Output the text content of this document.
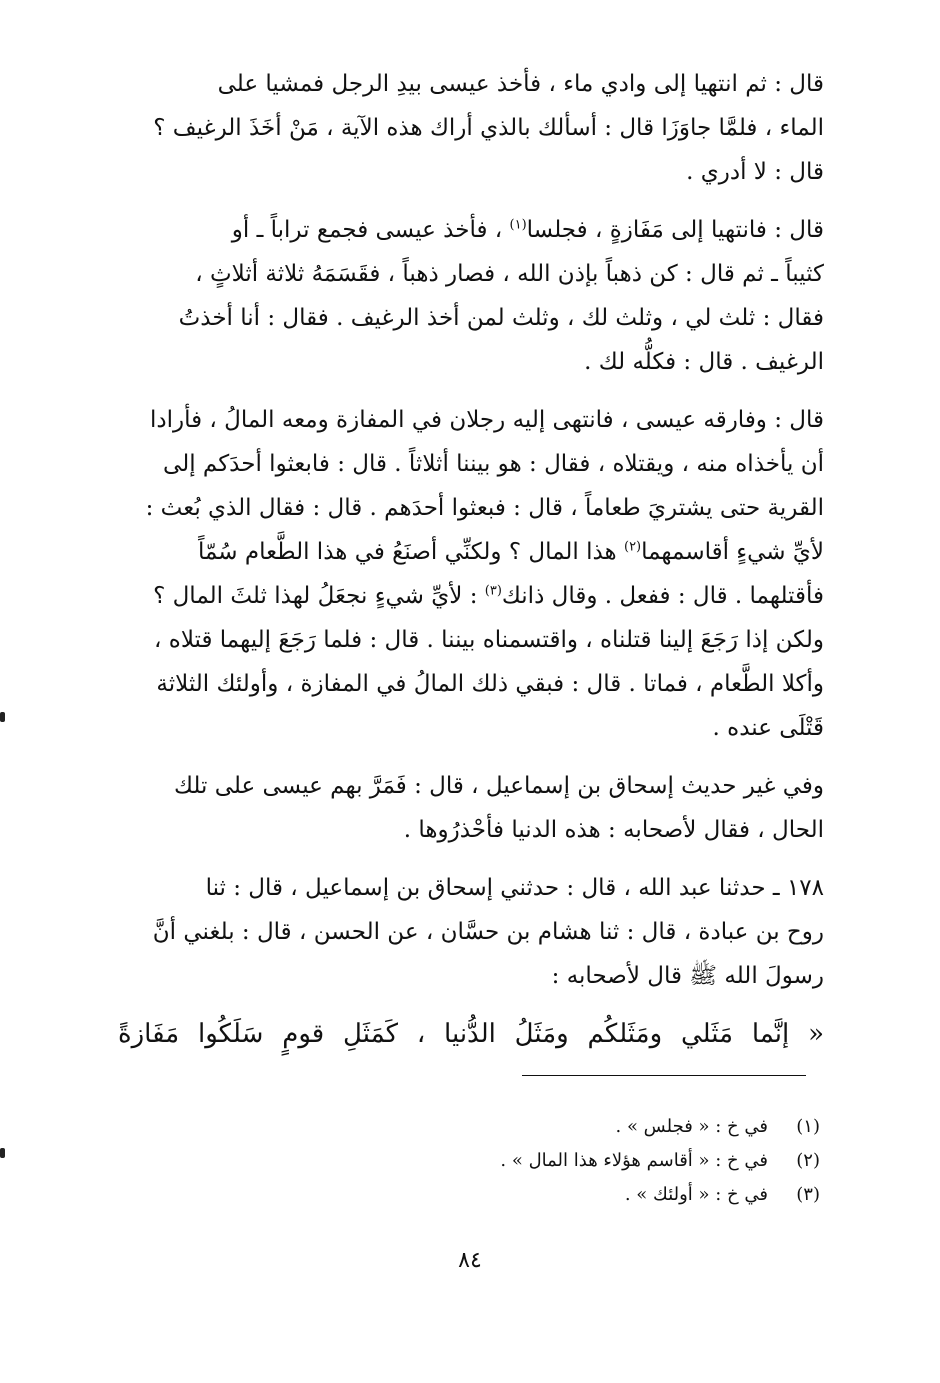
قال : ثم انتهيا إلى وادي ماء ، فأخذ عيسى بيدِ الرجل فمشيا على

الماء ، فلمَّا جاوَزَا قال : أسألك بالذي أراك هذه الآية ، مَنْ أخَذَ الرغيف ؟

قال : لا أدري .

قال : فانتهيا إلى مَفَازةٍ ، فجلسا$^{(١)}$ ، فأخذ عيسى فجمع تراباً ـ أو

كثيباً ـ ثم قال : كن ذهباً بإذن الله ، فصار ذهباً ، فقَسَمَهُ ثلاثة أثلاثٍ ،

فقال : ثلث لي ، وثلث لك ، وثلث لمن أخذ الرغيف . فقال : أنا أخذتُ

الرغيف . قال : فكلُّه لك .

قال : وفارقه عيسى ، فانتهى إليه رجلان في المفازة ومعه المالُ ، فأرادا

أن يأخذاه منه ، ويقتلاه ، فقال : هو بيننا أثلاثاً . قال : فابعثوا أحدَكم إلى

القرية حتى يشتريَ طعاماً ، قال : فبعثوا أحدَهم . قال : فقال الذي بُعث :

لأيِّ شيءٍ أقاسمهما$^{(٢)}$ هذا المال ؟ ولكنِّي أصنَعُ في هذا الطَّعام سُمّاً

فأقتلهما . قال : ففعل . وقال ذانك$^{(٣)}$ : لأيِّ شيءٍ نجعَلُ لهذا ثلثَ المال ؟

ولكن إذا رَجَعَ إلينا قتلناه ، واقتسمناه بيننا . قال : فلما رَجَعَ إليهما قتلاه ،

وأكلا الطَّعام ، فماتا . قال : فبقي ذلك المالُ في المفازة ، وأولئك الثلاثة

قَتْلَى عنده .

وفي غير حديث إسحاق بن إسماعيل ، قال : فَمَرَّ بهم عيسى على تلك

الحال ، فقال لأصحابه : هذه الدنيا فأحْذرُوها .

١٧٨ ـ حدثنا عبد الله ، قال : حدثني إسحاق بن إسماعيل ، قال : ثنا

روح بن عبادة ، قال : ثنا هشام بن حسَّان ، عن الحسن ، قال : بلغني أنَّ

رسولَ الله ﷺ قال لأصحابه :

« إنَّما مَثَلي ومَثَلكُم ومَثَلُ الدُّنيا ، كَمَثَلِ قومٍ سَلَكُوا مَفَازةً
(١)
في خ : « فجلس » .
(٢)
في خ : « أقاسم هؤلاء هذا المال » .
(٣)
في خ : « أولئك » .
٨٤
